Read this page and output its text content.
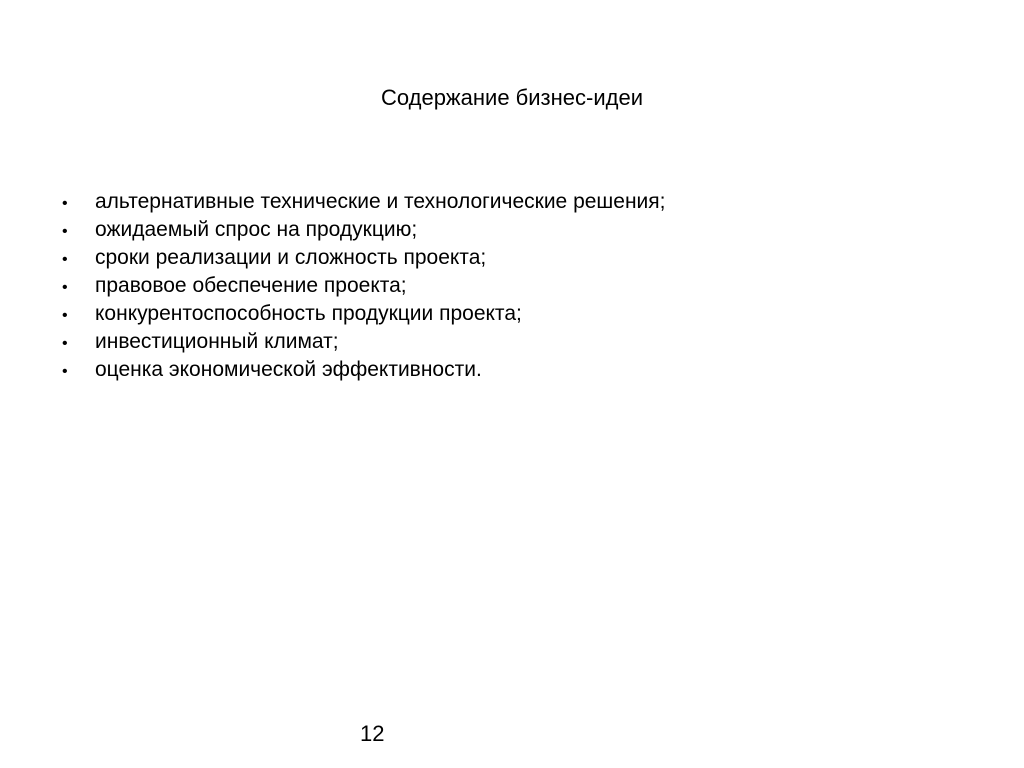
Содержание бизнес-идеи
• альтернативные технические и технологические решения;
• ожидаемый спрос на продукцию;
• сроки реализации и сложность проекта;
• правовое обеспечение проекта;
• конкурентоспособность продукции проекта;
• инвестиционный климат;
• оценка экономической эффективности.
12
